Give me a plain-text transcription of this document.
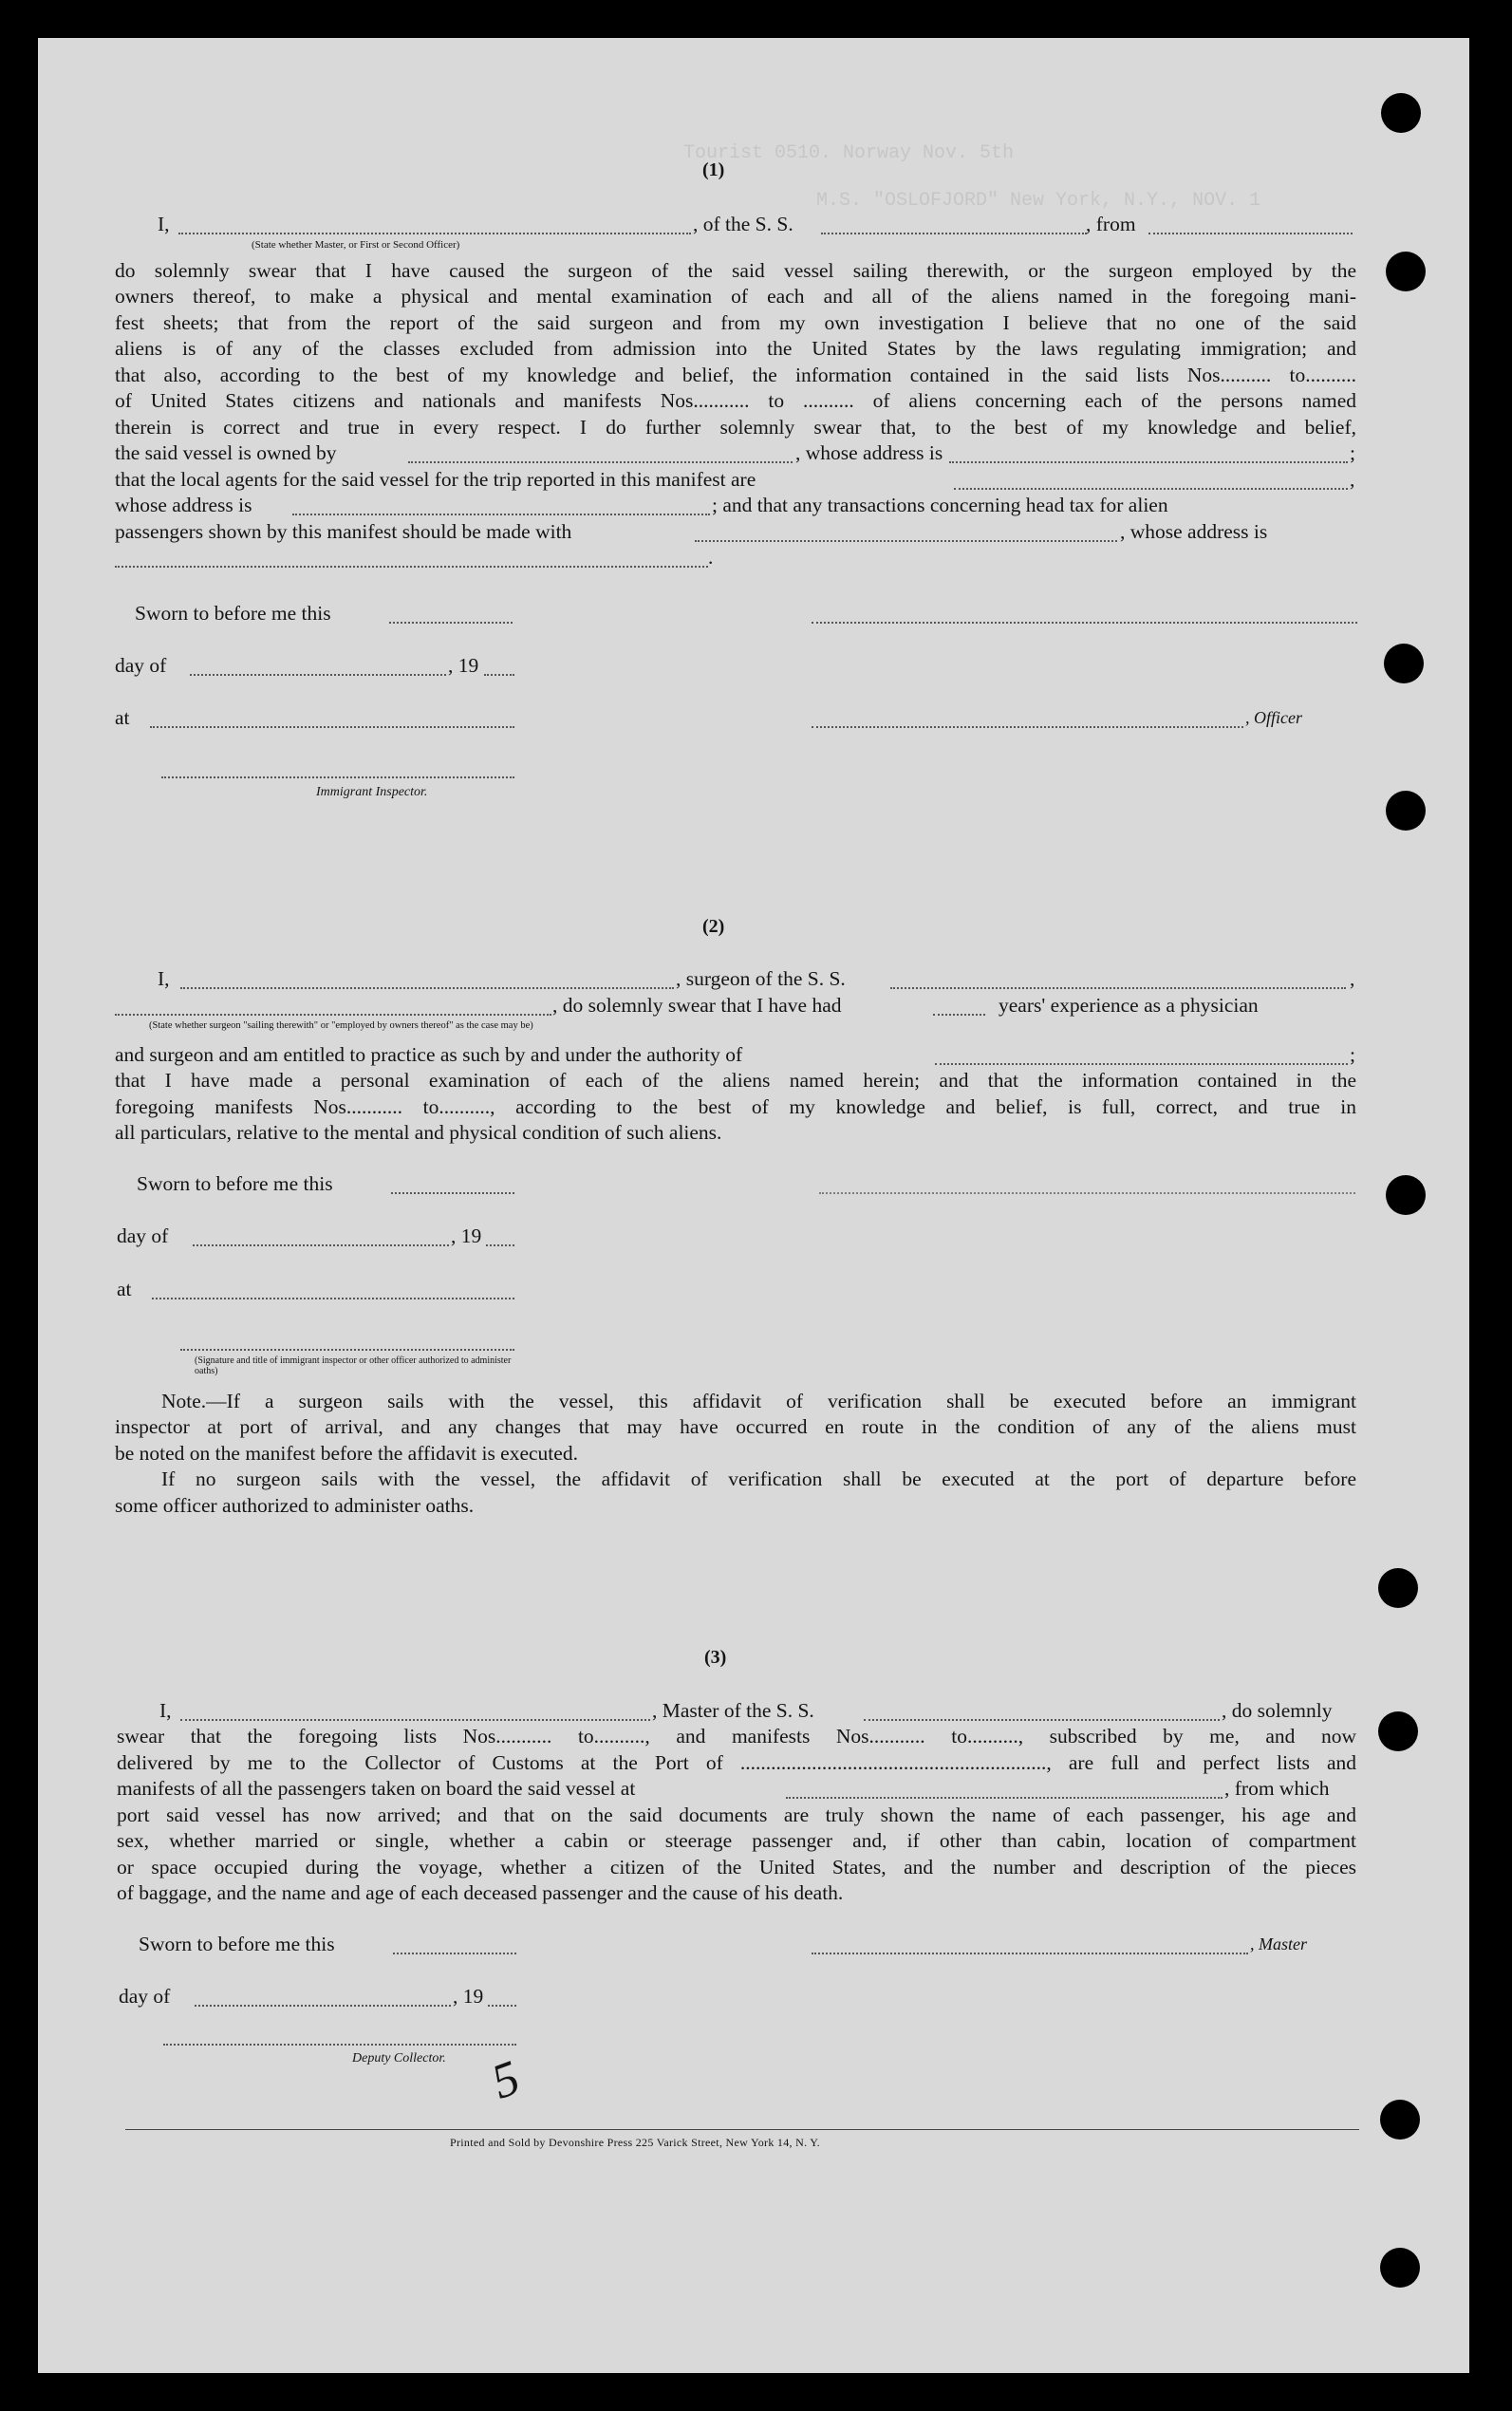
Tourist 0510. Norway Nov. 5th
M.S. "OSLOFJORD" New York, N.Y., NOV. 1
(1)
I,	, of the S. S.	, from
(State whether Master, or First or Second Officer)
do solemnly swear that I have caused the surgeon of the said vessel sailing therewith, or the surgeon employed by the
owners thereof, to make a physical and mental examination of each and all of the aliens named in the foregoing mani-
fest sheets; that from the report of the said surgeon and from my own investigation I believe that no one of the said
aliens is of any of the classes excluded from admission into the United States by the laws regulating immigration; and
that also, according to the best of my knowledge and belief, the information contained in the said lists Nos.......... to..........
of United States citizens and nationals and manifests Nos........... to .......... of aliens concerning each of the persons named
therein is correct and true in every respect. I do further solemnly swear that, to the best of my knowledge and belief,
the said vessel is owned by	, whose address is	;
that the local agents for the said vessel for the trip reported in this manifest are	,
whose address is	; and that any transactions concerning head tax for alien
passengers shown by this manifest should be made with	, whose address is
.
Sworn to before me this
day of	, 19
at	, Officer
Immigrant Inspector.
(2)
I,	, surgeon of the S. S.	,
, do solemnly swear that I have had	years' experience as a physician
(State whether surgeon "sailing therewith" or "employed by owners thereof" as the case may be)
and surgeon and am entitled to practice as such by and under the authority of	;
that I have made a personal examination of each of the aliens named herein; and that the information contained in the
foregoing manifests Nos........... to.........., according to the best of my knowledge and belief, is full, correct, and true in
all particulars, relative to the mental and physical condition of such aliens.
Sworn to before me this
day of	, 19
at
(Signature and title of immigrant inspector or other officer authorized to administer oaths)
Note.—If a surgeon sails with the vessel, this affidavit of verification shall be executed before an immigrant
inspector at port of arrival, and any changes that may have occurred en route in the condition of any of the aliens must
be noted on the manifest before the affidavit is executed.
If no surgeon sails with the vessel, the affidavit of verification shall be executed at the port of departure before
some officer authorized to administer oaths.
(3)
I,	, Master of the S. S.	, do solemnly
swear that the foregoing lists Nos........... to.........., and manifests Nos........... to.........., subscribed by me, and now
delivered by me to the Collector of Customs at the Port of ............................................................, are full and perfect lists and
manifests of all the passengers taken on board the said vessel at	, from which
port said vessel has now arrived; and that on the said documents are truly shown the name of each passenger, his age and
sex, whether married or single, whether a cabin or steerage passenger and, if other than cabin, location of compartment
or space occupied during the voyage, whether a citizen of the United States, and the number and description of the pieces
of baggage, and the name and age of each deceased passenger and the cause of his death.
Sworn to before me this	, Master
day of	, 19
Deputy Collector. 5
Printed and Sold by Devonshire Press 225 Varick Street, New York 14, N. Y.
